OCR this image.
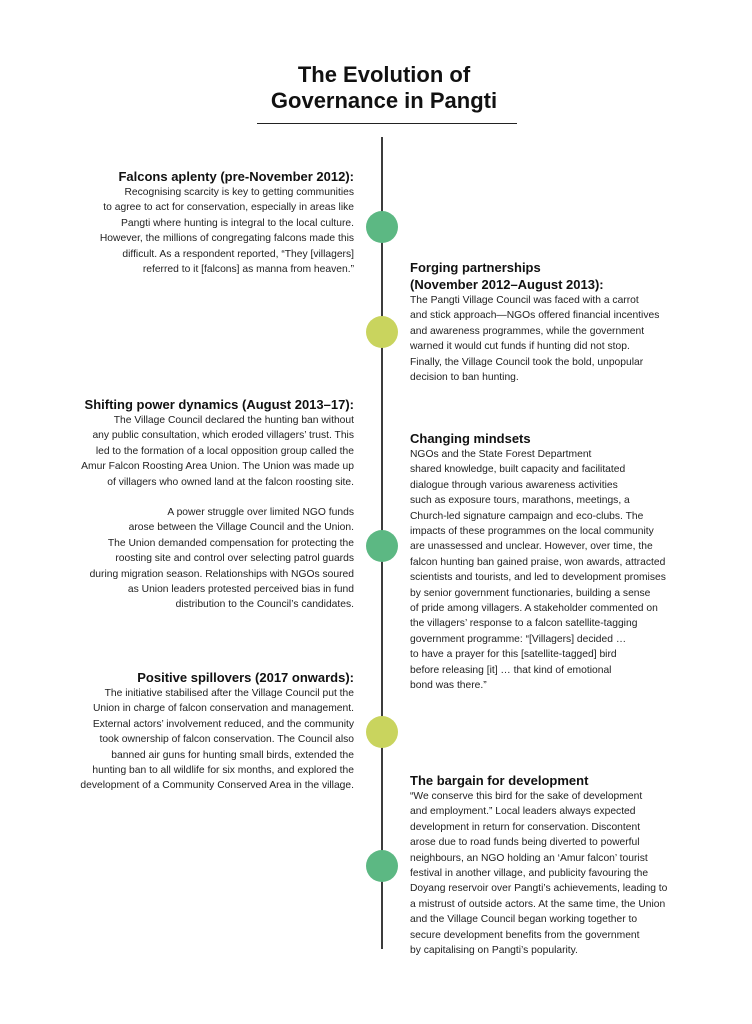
The Evolution of
Governance in Pangti
Falcons aplenty (pre-November 2012):

Recognising scarcity is key to getting communities
to agree to act for conservation, especially in areas like
Pangti where hunting is integral to the local culture.
However, the millions of congregating falcons made this
difficult. As a respondent reported, “They [villagers]
referred to it [falcons] as manna from heaven.”	Forging partnerships
(November 2012–August 2013):

The Pangti Village Council was faced with a carrot
and stick approach—NGOs offered financial incentives
and awareness programmes, while the government
warned it would cut funds if hunting did not stop.
Finally, the Village Council took the bold, unpopular
decision to ban hunting.

Shifting power dynamics (August 2013–17):

The Village Council declared the hunting ban without
any public consultation, which eroded villagers’ trust. This
led to the formation of a local opposition group called the
Amur Falcon Roosting Area Union. The Union was made up
of villagers who owned land at the falcon roosting site.

A power struggle over limited NGO funds
arose between the Village Council and the Union.
The Union demanded compensation for protecting the
roosting site and control over selecting patrol guards
during migration season. Relationships with NGOs soured
as Union leaders protested perceived bias in fund
distribution to the Council’s candidates.

Changing mindsets

NGOs and the State Forest Department
shared knowledge, built capacity and facilitated
dialogue through various awareness activities
such as exposure tours, marathons, meetings, a
Church-led signature campaign and eco-clubs. The
impacts of these programmes on the local community
are unassessed and unclear. However, over time, the
falcon hunting ban gained praise, won awards, attracted
scientists and tourists, and led to development promises
by senior government functionaries, building a sense
of pride among villagers. A stakeholder commented on
the villagers’ response to a falcon satellite-tagging
government programme: “[Villagers] decided …
to have a prayer for this [satellite-tagged] bird
before releasing [it] … that kind of emotional
bond was there.”

Positive spillovers (2017 onwards):

The initiative stabilised after the Village Council put the
Union in charge of falcon conservation and management.
External actors’ involvement reduced, and the community
took ownership of falcon conservation. The Council also
banned air guns for hunting small birds, extended the
hunting ban to all wildlife for six months, and explored the
development of a Community Conserved Area in the village.	The bargain for development

“We conserve this bird for the sake of development
and employment.” Local leaders always expected
development in return for conservation. Discontent
arose due to road funds being diverted to powerful
neighbours, an NGO holding an ‘Amur falcon’ tourist
festival in another village, and publicity favouring the
Doyang reservoir over Pangti’s achievements, leading to
a mistrust of outside actors. At the same time, the Union
and the Village Council began working together to
secure development benefits from the government
by capitalising on Pangti’s popularity.
